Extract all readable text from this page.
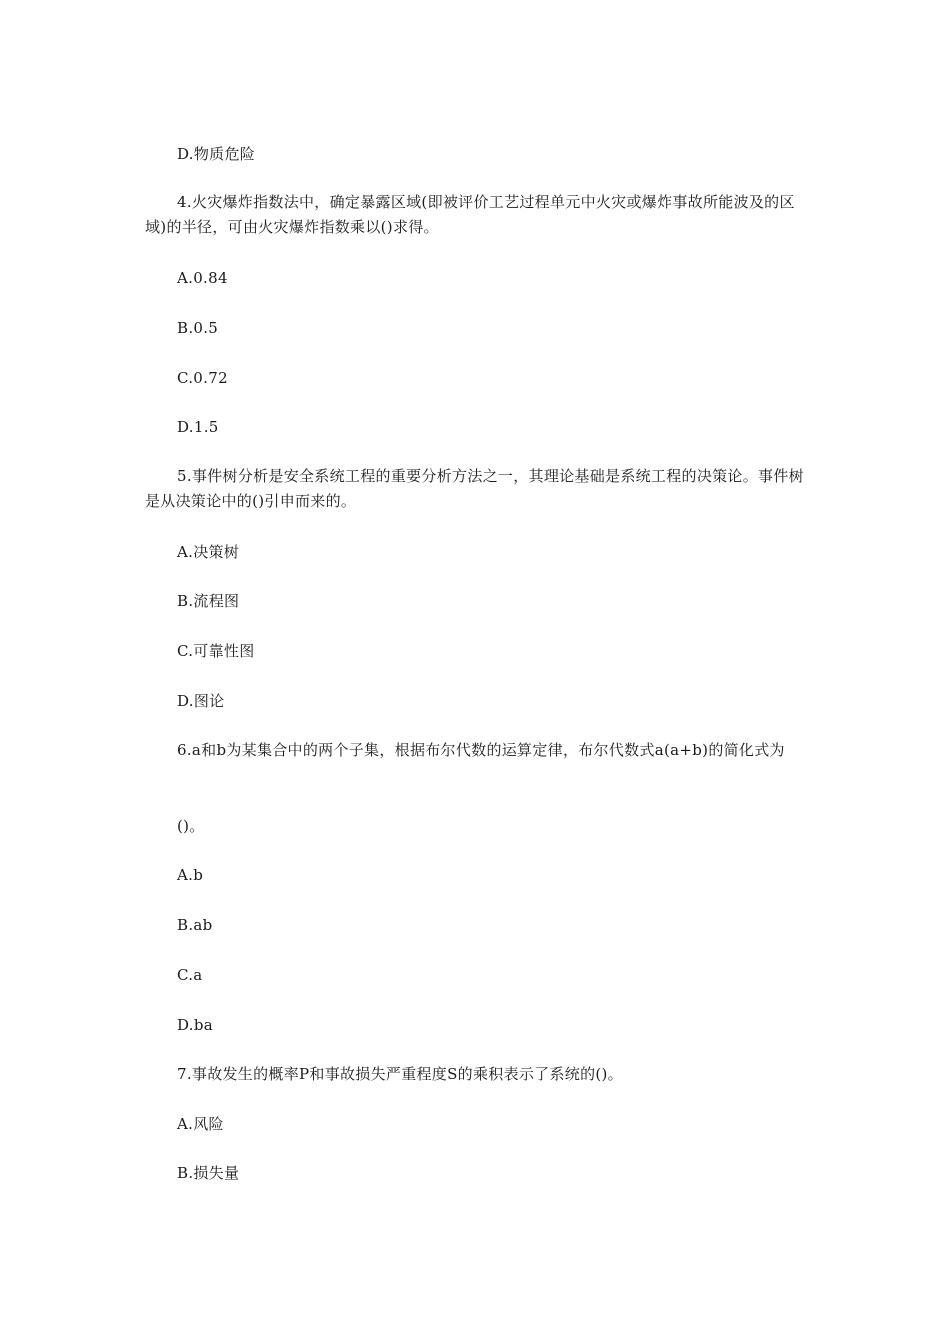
D.物质危险
4.火灾爆炸指数法中，确定暴露区域(即被评价工艺过程单元中火灾或爆炸事故所能波及的区域)的半径，可由火灾爆炸指数乘以()求得。
A.0.84
B.0.5
C.0.72
D.1.5
5.事件树分析是安全系统工程的重要分析方法之一，其理论基础是系统工程的决策论。事件树是从决策论中的()引申而来的。
A.决策树
B.流程图
C.可靠性图
D.图论
6.a和b为某集合中的两个子集，根据布尔代数的运算定律，布尔代数式a(a+b)的简化式为
()。
A.b
B.ab
C.a
D.ba
7.事故发生的概率P和事故损失严重程度S的乘积表示了系统的()。
A.风险
B.损失量
